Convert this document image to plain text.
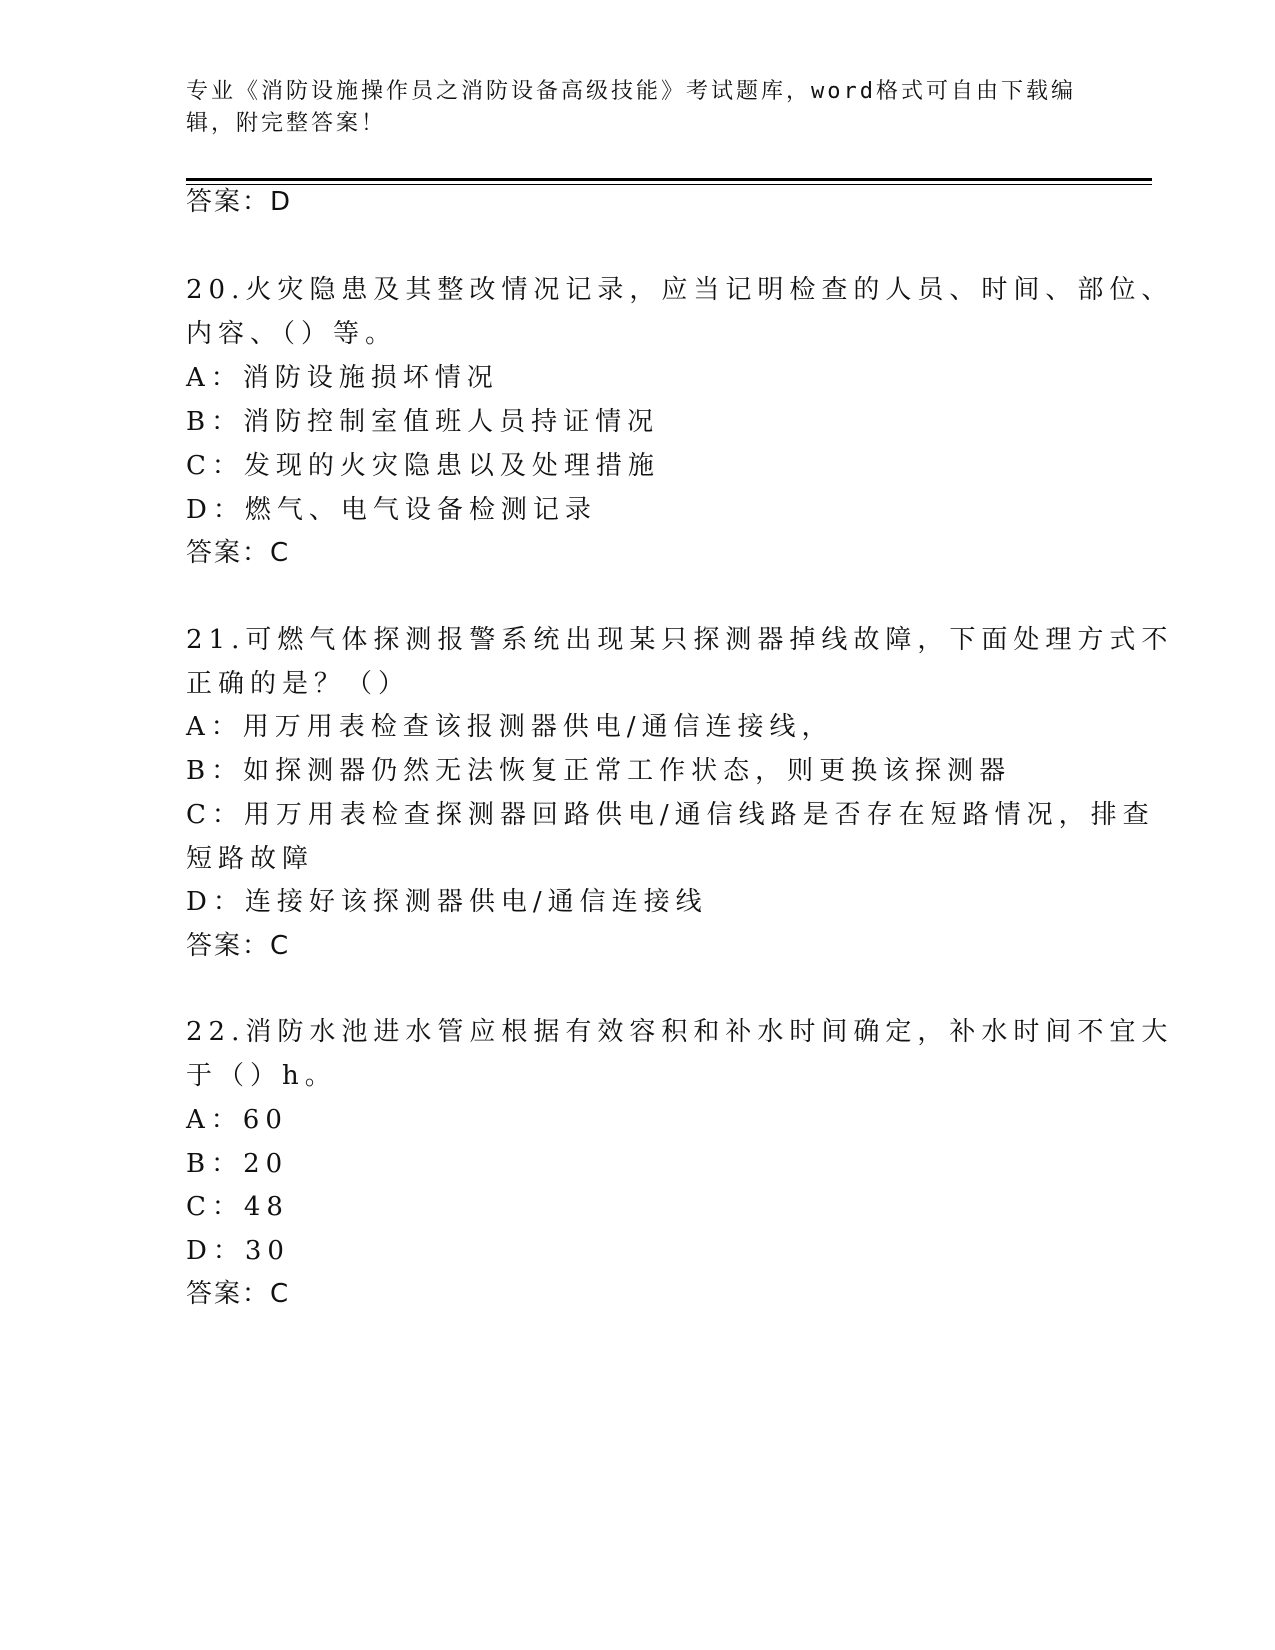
专业《消防设施操作员之消防设备高级技能》考试题库，word格式可自由下载编
辑，附完整答案！
答案：D
20.火灾隐患及其整改情况记录，应当记明检查的人员、时间、部位、
内容、（）等。
A：消防设施损坏情况
B：消防控制室值班人员持证情况
C：发现的火灾隐患以及处理措施
D：燃气、电气设备检测记录
答案：C
21.可燃气体探测报警系统出现某只探测器掉线故障，下面处理方式不
正确的是？（）
A：用万用表检查该报测器供电/通信连接线，
B：如探测器仍然无法恢复正常工作状态，则更换该探测器
C：用万用表检查探测器回路供电/通信线路是否存在短路情况，排查
短路故障
D：连接好该探测器供电/通信连接线
答案：C
22.消防水池进水管应根据有效容积和补水时间确定，补水时间不宜大
于（）h。
A：60
B：20
C：48
D：30
答案：C
